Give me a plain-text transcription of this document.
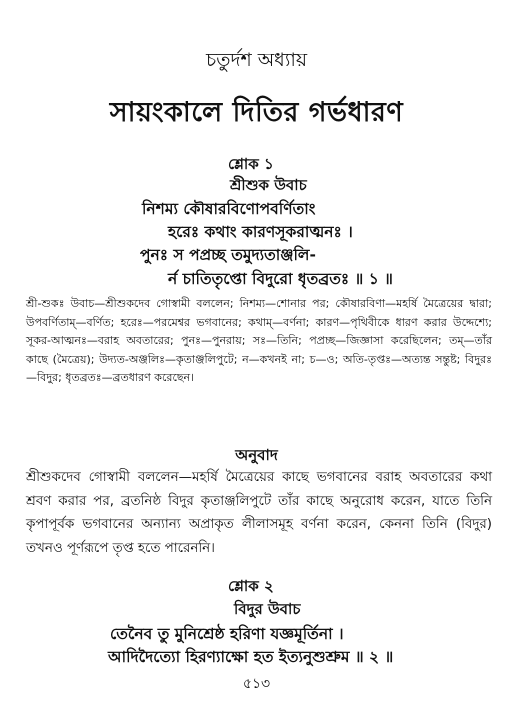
চতুর্দশ অধ্যায়
সায়ংকালে দিতির গর্ভধারণ
শ্লোক ১
শ্রীশুক উবাচ
নিশম্য কৌষারবিণোপবর্ণিতাং
হরেঃ কথাং কারণসূকরাত্মনঃ ।
পুনঃ স পপ্রচ্ছ তমুদ্যতাঞ্জলি-
র্ন চাতিতৃপ্তো বিদুরো ধৃতব্রতঃ ॥ ১ ॥
শ্রী-শুকঃ উবাচ—শ্রীশুকদেব গোস্বামী বললেন; নিশম্য—শোনার পর; কৌষারবিণা—মহর্ষি মৈত্রেয়ের দ্বারা; উপবর্ণিতাম্—বর্ণিত; হরেঃ—পরমেশ্বর ভগবানের; কথাম্—বর্ণনা; কারণ—পৃথিবীকে ধারণ করার উদ্দেশ্যে; সূকর-আত্মনঃ—বরাহ অবতারের; পুনঃ—পুনরায়; সঃ—তিনি; পপ্রচ্ছ—জিজ্ঞাসা করেছিলেন; তম্—তাঁর কাছে (মৈত্রেয়); উদ্যত-অঞ্জলিঃ—কৃতাঞ্জলিপুটে; ন—কখনই না; চ—ও; অতি-তৃপ্তঃ—অত্যন্ত সন্তুষ্ট; বিদুরঃ—বিদুর; ধৃতব্রতঃ—ব্রতধারণ করেছেন।
অনুবাদ
শ্রীশুকদেব গোস্বামী বললেন—মহর্ষি মৈত্রেয়ের কাছে ভগবানের বরাহ অবতারের কথা শ্রবণ করার পর, ব্রতনিষ্ঠ বিদুর কৃতাঞ্জলিপুটে তাঁর কাছে অনুরোধ করেন, যাতে তিনি কৃপাপূর্বক ভগবানের অন্যান্য অপ্রাকৃত লীলাসমূহ বর্ণনা করেন, কেননা তিনি (বিদুর) তখনও পূর্ণরূপে তৃপ্ত হতে পারেননি।
শ্লোক ২
বিদুর উবাচ
তেনৈব তু মুনিশ্রেষ্ঠ হরিণা যজ্ঞমূর্তিনা ।
আদিদৈত্যো হিরণ্যাক্ষো হত ইত্যনুশুশ্রুম ॥ ২ ॥
৫১৩
